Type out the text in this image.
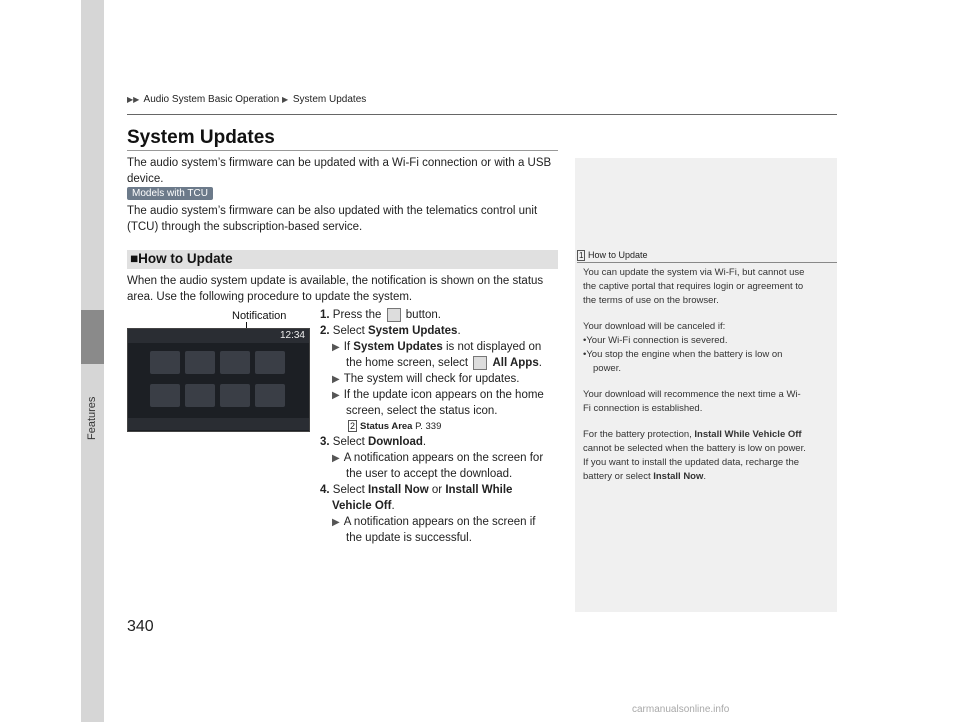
Features
▶▶ Audio System Basic Operation ▶ System Updates
System Updates
The audio system’s firmware can be updated with a Wi-Fi connection or with a USB
device.
Models with TCU
The audio system’s firmware can be also updated with the telematics control unit
(TCU) through the subscription-based service.
■How to Update	1 How to Update
You can update the system via Wi-Fi, but cannot use
the captive portal that requires login or agreement to
the terms of use on the browser.
Your download will be canceled if:
•Your Wi-Fi connection is severed.
•You stop the engine when the battery is low on
power.
Your download will recommence the next time a Wi-
Fi connection is established.
For the battery protection, Install While Vehicle Off
cannot be selected when the battery is low on power.
If you want to install the updated data, recharge the
battery or select Install Now.
When the audio system update is available, the notification is shown on the status
area. Use the following procedure to update the system.
Notification
12:34
1. Press the button.
2. Select System Updates.
▶ If System Updates is not displayed on
the home screen, select All Apps.
▶ The system will check for updates.
▶ If the update icon appears on the home
screen, select the status icon.
2 Status Area P. 339
3. Select Download.
▶ A notification appears on the screen for
the user to accept the download.
4. Select Install Now or Install While
Vehicle Off.
▶ A notification appears on the screen if
the update is successful.
340
carmanualsonline.info
